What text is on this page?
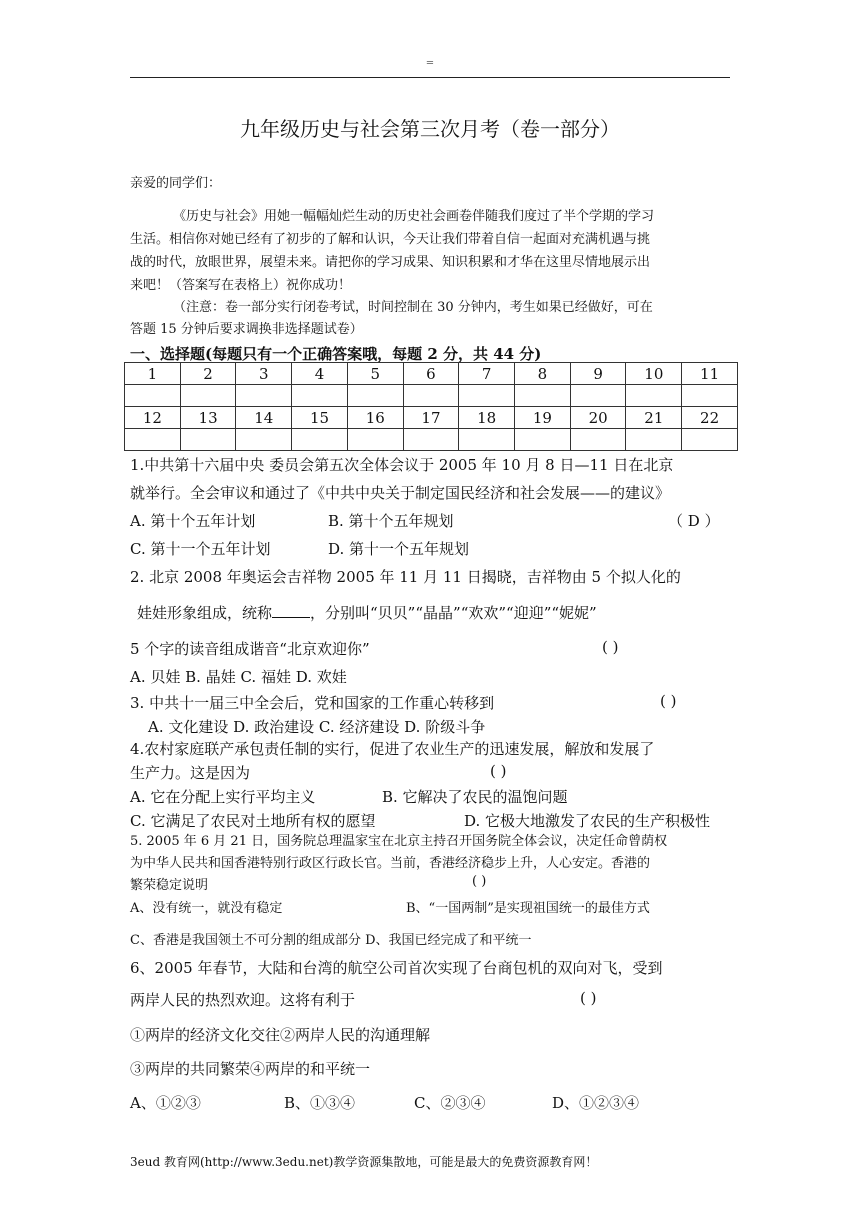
=
九年级历史与社会第三次月考（卷一部分）
亲爱的同学们：
《历史与社会》用她一幅幅灿烂生动的历史社会画卷伴随我们度过了半个学期的学习
生活。相信你对她已经有了初步的了解和认识，今天让我们带着自信一起面对充满机遇与挑
战的时代，放眼世界，展望未来。请把你的学习成果、知识积累和才华在这里尽情地展示出
来吧！（答案写在表格上）祝你成功！
（注意：卷一部分实行闭卷考试，时间控制在 30 分钟内，考生如果已经做好，可在
答题 15 分钟后要求调换非选择题试卷）
一、选择题(每题只有一个正确答案哦，每题 2 分，共 44 分)
1	2	3	4	5	6	7	8	9	10	11

12	13	14	15	16	17	18	19	20	21	22

1.中共第十六届中央 委员会第五次全体会议于 2005 年 10 月 8 日—11 日在北京
就举行。全会审议和通过了《中共中央关于制定国民经济和社会发展——的建议》
A. 第十个五年计划	B. 第十个五年规划	（ D ）
C. 第十一个五年计划	D. 第十一个五年规划
2. 北京 2008 年奥运会吉祥物 2005 年 11 月 11 日揭晓，吉祥物由 5 个拟人化的
娃娃形象组成，统称	，分别叫“贝贝”“晶晶”“欢欢”“迎迎”“妮妮”
5 个字的读音组成谐音“北京欢迎你”	( )
A. 贝娃 B. 晶娃 C. 福娃 D. 欢娃
3. 中共十一届三中全会后，党和国家的工作重心转移到	( )
A. 文化建设 D. 政治建设 C. 经济建设 D. 阶级斗争
4.农村家庭联产承包责任制的实行，促进了农业生产的迅速发展，解放和发展了
生产力。这是因为	( )
A. 它在分配上实行平均主义	B. 它解决了农民的温饱问题
C. 它满足了农民对土地所有权的愿望	D. 它极大地激发了农民的生产积极性
5. 2005 年 6 月 21 日，国务院总理温家宝在北京主持召开国务院全体会议，决定任命曾荫权
为中华人民共和国香港特别行政区行政长官。当前，香港经济稳步上升，人心安定。香港的
繁荣稳定说明	( )
A、没有统一，就没有稳定	B、“一国两制”是实现祖国统一的最佳方式
C、香港是我国领土不可分割的组成部分 D、我国已经完成了和平统一
6、2005 年春节，大陆和台湾的航空公司首次实现了台商包机的双向对飞，受到
两岸人民的热烈欢迎。这将有利于	( )
①两岸的经济文化交往②两岸人民的沟通理解
③两岸的共同繁荣④两岸的和平统一
A、①②③	B、①③④	C、②③④	D、①②③④
3eud 教育网(http://www.3edu.net)教学资源集散地，可能是最大的免费资源教育网！
